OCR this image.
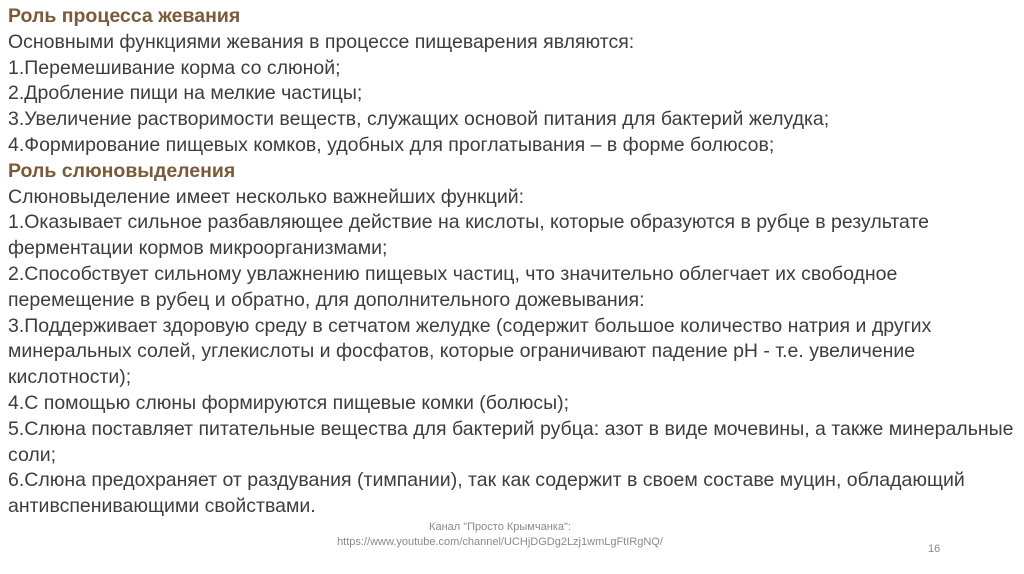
Роль процесса жевания

Основными функциями жевания в процессе пищеварения являются:

1.Перемешивание корма со слюной;

2.Дробление пищи на мелкие частицы;

3.Увеличение растворимости веществ, служащих основой питания для бактерий желудка;

4.Формирование пищевых комков, удобных для проглатывания – в форме болюсов;

Роль слюновыделения

Слюновыделение имеет несколько важнейших функций:

1.Оказывает сильное разбавляющее действие на кислоты, которые образуются в рубце в результате ферментации кормов микроорганизмами;

2.Способствует сильному увлажнению пищевых частиц, что значительно облегчает их свободное перемещение в рубец и обратно, для дополнительного дожевывания:

3.Поддерживает здоровую среду в сетчатом желудке (содержит большое количество натрия и других минеральных солей, углекислоты и фосфатов, которые ограничивают падение pH - т.е. увеличение кислотности);

4.С помощью слюны формируются пищевые комки (болюсы);

5.Слюна поставляет питательные вещества для бактерий рубца: азот в виде мочевины, а также минеральные соли;

6.Слюна предохраняет от раздувания (тимпании), так как содержит в своем составе муцин, обладающий антивспенивающими свойствами.

Канал "Просто Крымчанка":
https://www.youtube.com/channel/UCHjDGDg2Lzj1wmLgFtIRgNQ/
16
